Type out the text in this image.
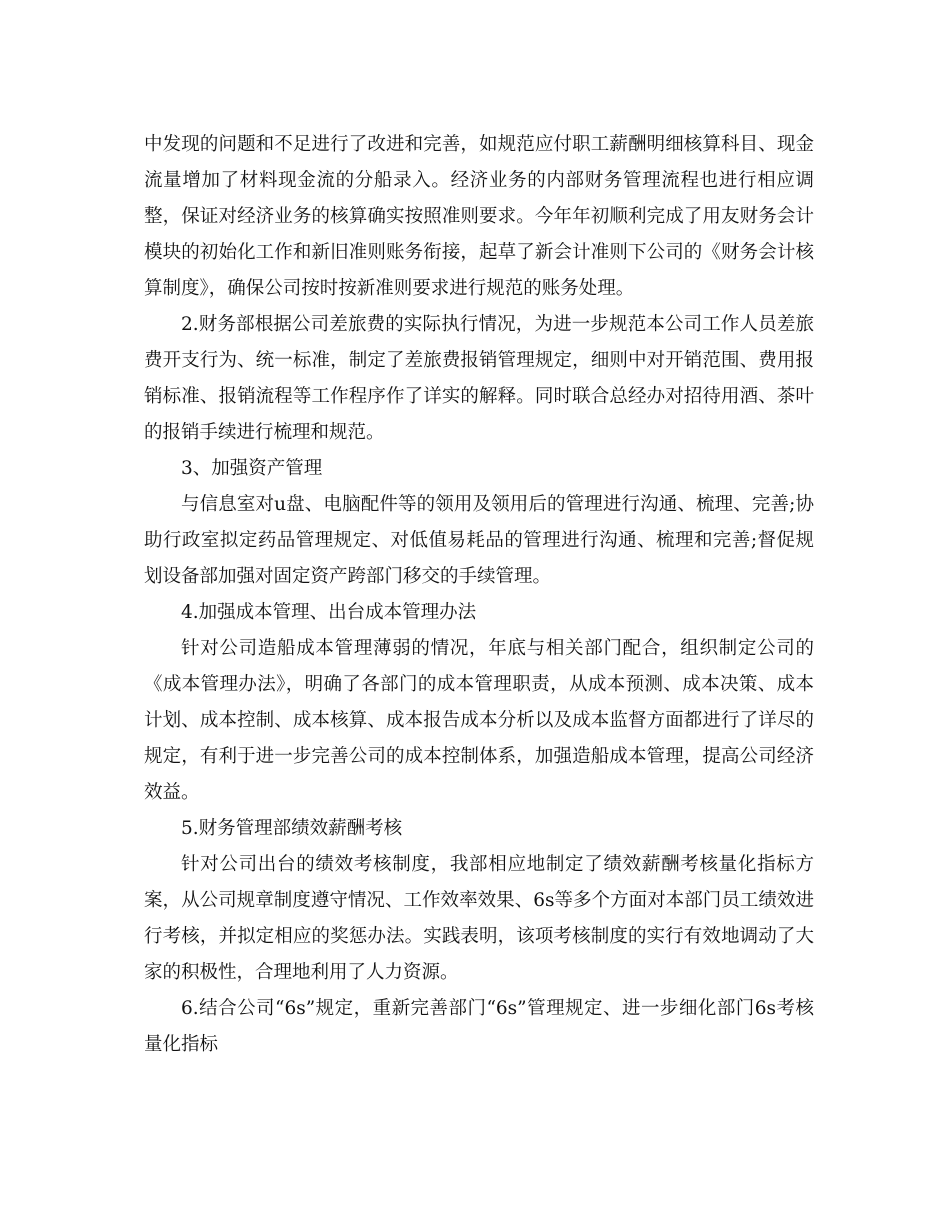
中发现的问题和不足进行了改进和完善，如规范应付职工薪酬明细核算科目、现金流量增加了材料现金流的分船录入。经济业务的内部财务管理流程也进行相应调整，保证对经济业务的核算确实按照准则要求。今年年初顺利完成了用友财务会计模块的初始化工作和新旧准则账务衔接，起草了新会计准则下公司的《财务会计核算制度》，确保公司按时按新准则要求进行规范的账务处理。

2.财务部根据公司差旅费的实际执行情况，为进一步规范本公司工作人员差旅费开支行为、统一标准，制定了差旅费报销管理规定，细则中对开销范围、费用报销标准、报销流程等工作程序作了详实的解释。同时联合总经办对招待用酒、茶叶的报销手续进行梳理和规范。

3、加强资产管理

与信息室对u盘、电脑配件等的领用及领用后的管理进行沟通、梳理、完善;协助行政室拟定药品管理规定、对低值易耗品的管理进行沟通、梳理和完善;督促规划设备部加强对固定资产跨部门移交的手续管理。

4.加强成本管理、出台成本管理办法

针对公司造船成本管理薄弱的情况，年底与相关部门配合，组织制定公司的《成本管理办法》，明确了各部门的成本管理职责，从成本预测、成本决策、成本计划、成本控制、成本核算、成本报告成本分析以及成本监督方面都进行了详尽的规定，有利于进一步完善公司的成本控制体系，加强造船成本管理，提高公司经济效益。

5.财务管理部绩效薪酬考核

针对公司出台的绩效考核制度，我部相应地制定了绩效薪酬考核量化指标方案，从公司规章制度遵守情况、工作效率效果、6s等多个方面对本部门员工绩效进行考核，并拟定相应的奖惩办法。实践表明，该项考核制度的实行有效地调动了大家的积极性，合理地利用了人力资源。

6.结合公司“6s”规定，重新完善部门“6s”管理规定、进一步细化部门6s考核量化指标
